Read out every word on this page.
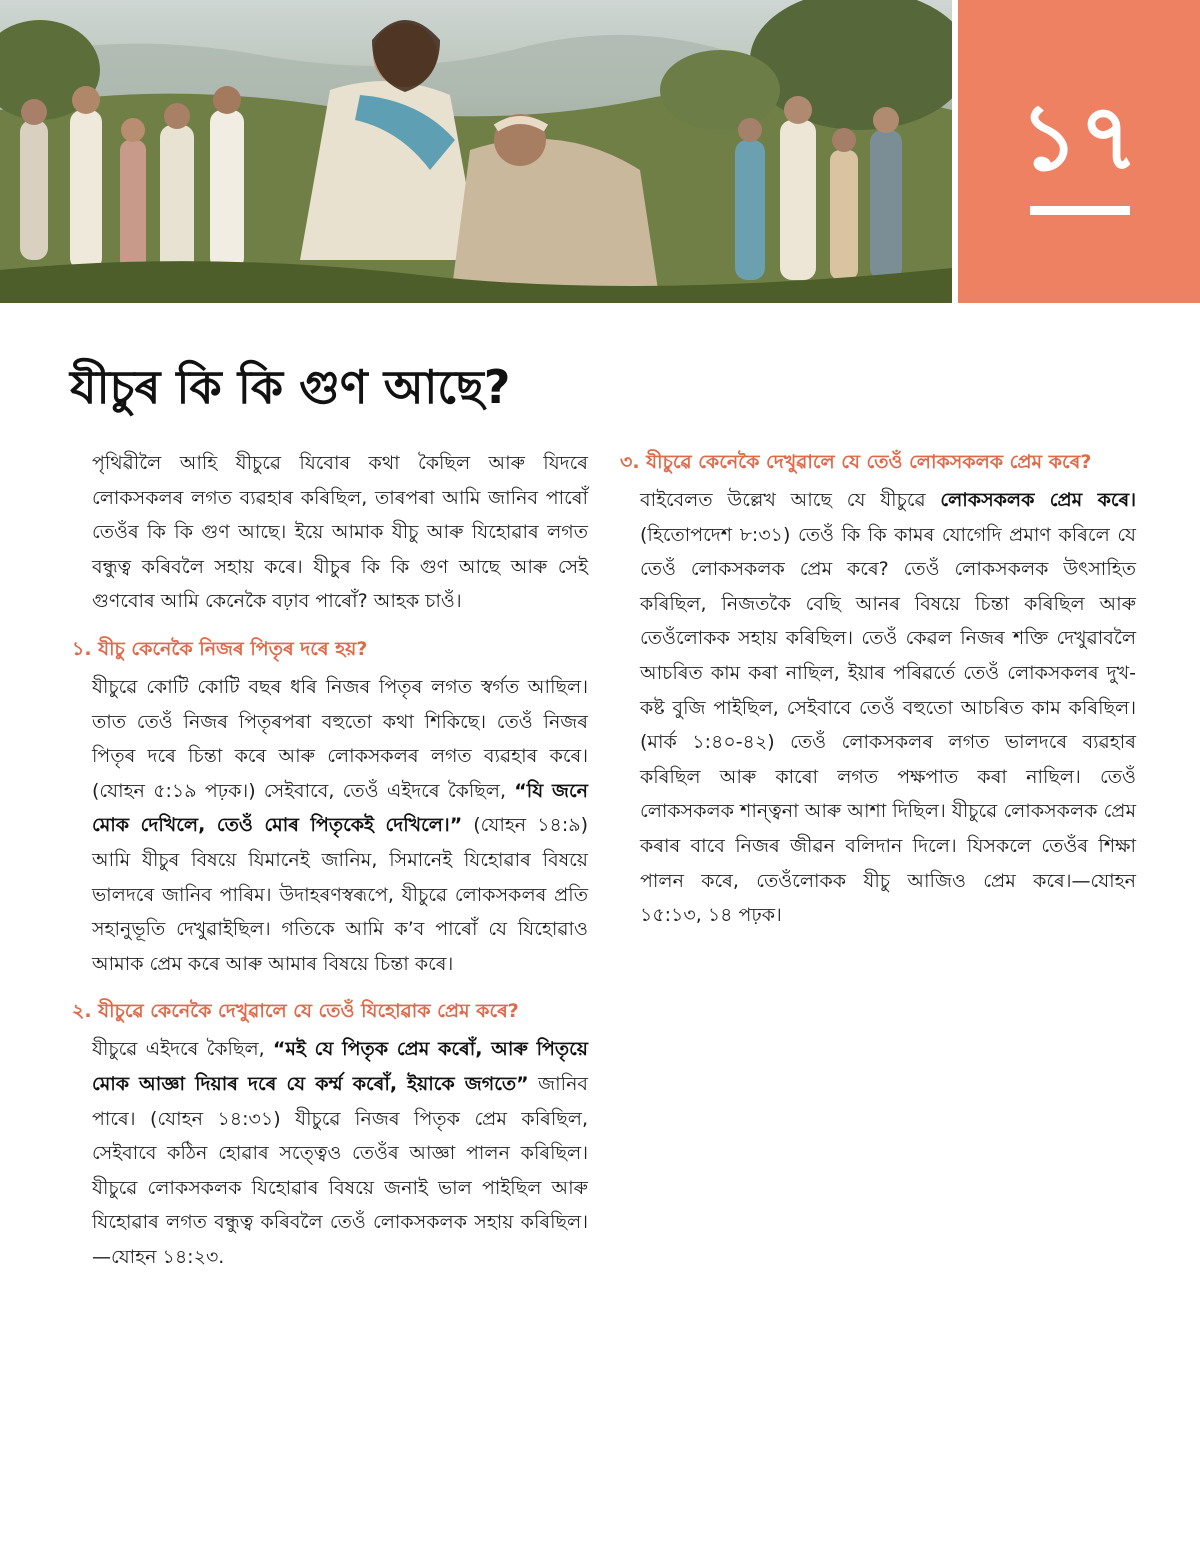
১৭
যীচুৰ কি কি গুণ আছে?

পৃথিৱীলৈ আহি যীচুৱে যিবোৰ কথা কৈছিল আৰু যিদৰে লোকসকলৰ লগত ব্যৱহাৰ কৰিছিল, তাৰপৰা আমি জানিব পাৰোঁ তেওঁৰ কি কি গুণ আছে। ইয়ে আমাক যীচু আৰু যিহোৱাৰ লগত বন্ধুত্ব কৰিবলৈ সহায় কৰে। যীচুৰ কি কি গুণ আছে আৰু সেই গুণবোৰ আমি কেনেকৈ বঢ়াব পাৰোঁ? আহক চাওঁ।

১. যীচু কেনেকৈ নিজৰ পিতৃৰ দৰে হয়?

যীচুৱে কোটি কোটি বছৰ ধৰি নিজৰ পিতৃৰ লগত স্বৰ্গত আছিল। তাত তেওঁ নিজৰ পিতৃৰপৰা বহুতো কথা শিকিছে। তেওঁ নিজৰ পিতৃৰ দৰে চিন্তা কৰে আৰু লোকসকলৰ লগত ব্যৱহাৰ কৰে। (যোহন ৫:১৯ পঢ়ক।) সেইবাবে, তেওঁ এইদৰে কৈছিল, “যি জনে মোক দেখিলে, তেওঁ মোৰ পিতৃকেই দেখিলে।” (যোহন ১৪:৯) আমি যীচুৰ বিষয়ে যিমানেই জানিম, সিমানেই যিহোৱাৰ বিষয়ে ভালদৰে জানিব পাৰিম। উদাহৰণস্বৰূপে, যীচুৱে লোকসকলৰ প্ৰতি সহানুভূতি দেখুৱাইছিল। গতিকে আমি ক’ব পাৰোঁ যে যিহোৱাও আমাক প্ৰেম কৰে আৰু আমাৰ বিষয়ে চিন্তা কৰে।

২. যীচুৱে কেনেকৈ দেখুৱালে যে তেওঁ যিহোৱাক প্ৰেম কৰে?

যীচুৱে এইদৰে কৈছিল, “মই যে পিতৃক প্ৰেম কৰোঁ, আৰু পিতৃয়ে মোক আজ্ঞা দিয়াৰ দৰে যে কৰ্ম্ম কৰোঁ, ইয়াকে জগতে” জানিব পাৰে। (যোহন ১৪:৩১) যীচুৱে নিজৰ পিতৃক প্ৰেম কৰিছিল, সেইবাবে কঠিন হোৱাৰ সত্ত্বেও তেওঁৰ আজ্ঞা পালন কৰিছিল। যীচুৱে লোকসকলক যিহোৱাৰ বিষয়ে জনাই ভাল পাইছিল আৰু যিহোৱাৰ লগত বন্ধুত্ব কৰিবলৈ তেওঁ লোকসকলক সহায় কৰিছিল।—যোহন ১৪:২৩.

৩. যীচুৱে কেনেকৈ দেখুৱালে যে তেওঁ লোকসকলক প্ৰেম কৰে?

বাইবেলত উল্লেখ আছে যে যীচুৱে লোকসকলক প্ৰেম কৰে। (হিতোপদেশ ৮:৩১) তেওঁ কি কি কামৰ যোগেদি প্ৰমাণ কৰিলে যে তেওঁ লোকসকলক প্ৰেম কৰে? তেওঁ লোকসকলক উৎসাহিত কৰিছিল, নিজতকৈ বেছি আনৰ বিষয়ে চিন্তা কৰিছিল আৰু তেওঁলোকক সহায় কৰিছিল। তেওঁ কেৱল নিজৰ শক্তি দেখুৱাবলৈ আচৰিত কাম কৰা নাছিল, ইয়াৰ পৰিৱৰ্তে তেওঁ লোকসকলৰ দুখ-কষ্ট বুজি পাইছিল, সেইবাবে তেওঁ বহুতো আচৰিত কাম কৰিছিল। (মাৰ্ক ১:৪০-৪২) তেওঁ লোকসকলৰ লগত ভালদৰে ব্যৱহাৰ কৰিছিল আৰু কাৰো লগত পক্ষপাত কৰা নাছিল। তেওঁ লোকসকলক শান্ত্বনা আৰু আশা দিছিল। যীচুৱে লোকসকলক প্ৰেম কৰাৰ বাবে নিজৰ জীৱন বলিদান দিলে। যিসকলে তেওঁৰ শিক্ষা পালন কৰে, তেওঁলোকক যীচু আজিও প্ৰেম কৰে।—যোহন ১৫:১৩, ১৪ পঢ়ক।
